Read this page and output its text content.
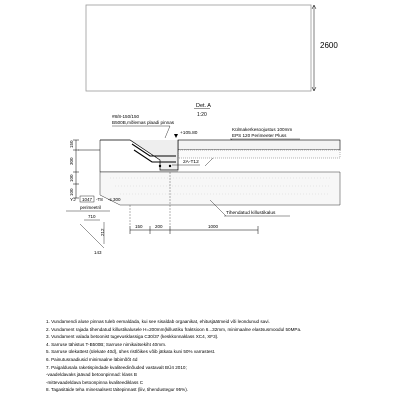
2600
Det. A
1:20
#8/8-150/150
B500B,mõlemas plaadi pinnas
+105.80
Külmakerkesoojustus 100mm
EPS 120 Perimeeter Pluss
2A-T12
Tihendatud killustikalus
150
300
100
100
YJ 1047 -T8 -s.300
perimeetril
710
212
143
150	200	1000
1. Vundamendi aluse pinnas tuleb eemaldada, kui see sisaldab orgaanikat, ehitusjäätmeid või leondunud savi.
2. Vundament rajada tihendatud killustikalusele H=200mm(killustiku fraktsioon 6...32mm, minimaalne elastsusmoodul 50MPa.
3. Vundament valada betoonist tugevusklassiga C30/37 (keskkonnaklass XC4, XF3).
4. Sarruse tähistus T-B500B; Sarruse nimikaitsekiht 40mm.
5. Sarruse ülekattest (ülekate 40d), ühes ristlõikes võib jätkata kuni 50% varrastest.
6. Painutusraadiusid minimaalne läbimõõt 4d
7. Paigaldusala raketispindade kvaliteedinõuded vastavalt BÜ4 2010;
-vaadeldavaks jäävad betoonpinnad: klass B
-mittevaadeldava betoonpinna kvaliteediklass C
8. Tagasitäide teha mineraalsest täitepinnast (liiv, tihendustegur 95%).
